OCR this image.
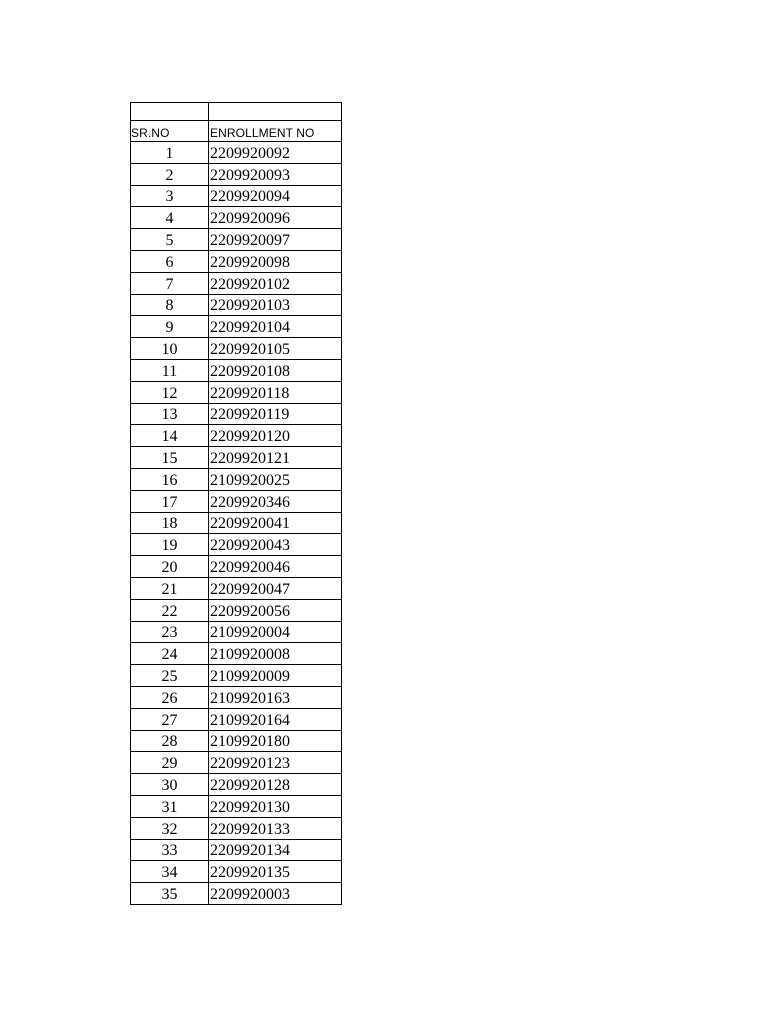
SR.NO	ENROLLMENT NO
1	2209920092
2	2209920093
3	2209920094
4	2209920096
5	2209920097
6	2209920098
7	2209920102
8	2209920103
9	2209920104
10	2209920105
11	2209920108
12	2209920118
13	2209920119
14	2209920120
15	2209920121
16	2109920025
17	2209920346
18	2209920041
19	2209920043
20	2209920046
21	2209920047
22	2209920056
23	2109920004
24	2109920008
25	2109920009
26	2109920163
27	2109920164
28	2109920180
29	2209920123
30	2209920128
31	2209920130
32	2209920133
33	2209920134
34	2209920135
35	2209920003
